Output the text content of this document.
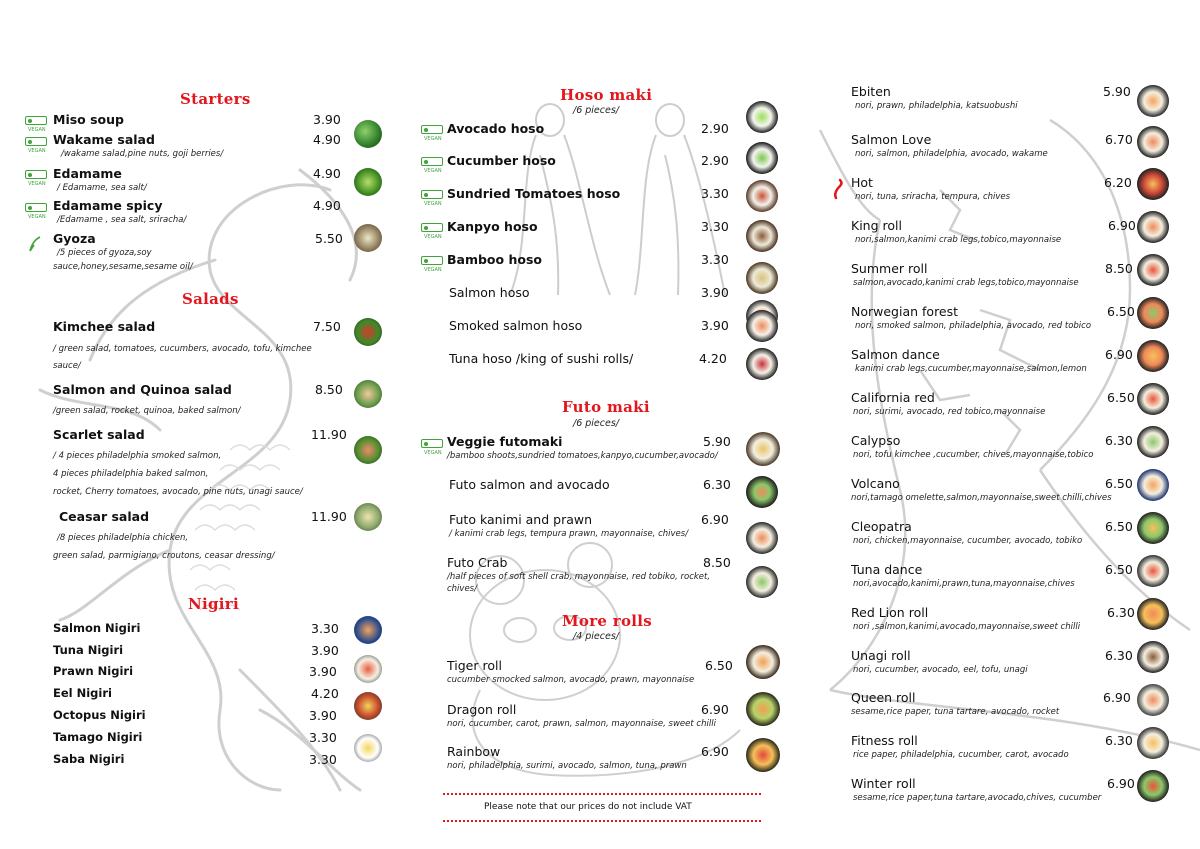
Starters
VEGAN
Miso soup	3.90
VEGAN
Wakame salad	4.90
/wakame salad,pine nuts, goji berries/
VEGAN
Edamame	4.90
/ Edamame, sea salt/
VEGAN
Edamame spicy	4.90
/Edamame , sea salt, sriracha/
Gyoza	5.50
/5 pieces of gyoza,soy
sauce,honey,sesame,sesame oil/
Salads
Kimchee salad	7.50
/ green salad, tomatoes, cucumbers, avocado, tofu, kimchee
sauce/
Salmon and Quinoa salad	8.50
/green salad, rocket, quinoa, baked salmon/
Scarlet salad	11.90
/ 4 pieces philadelphia smoked salmon,
4 pieces philadelphia baked salmon,
rocket, Cherry tomatoes, avocado, pine nuts, unagi sauce/
Ceasar salad	11.90
/8 pieces philadelphia chicken,
green salad, parmigiano, croutons, ceasar dressing/
Nigiri
Salmon Nigiri	3.30
Tuna Nigiri	3.90
Prawn Nigiri	3.90
Eel Nigiri	4.20
Octopus Nigiri	3.90
Tamago Nigiri	3.30
Saba Nigiri	3.30
Hoso maki
/6 pieces/
VEGAN
Avocado hoso	2.90
VEGAN
Cucumber hoso	2.90
VEGAN
Sundried Tomatoes hoso	3.30
VEGAN
Kanpyo hoso	3.30
VEGAN
Bamboo hoso	3.30
Salmon hoso	3.90
Smoked salmon hoso	3.90
Tuna hoso /king of sushi rolls/	4.20
Futo maki
/6 pieces/
VEGAN
Veggie futomaki	5.90
/bamboo shoots,sundried tomatoes,kanpyo,cucumber,avocado/
Futo salmon and avocado	6.30
Futo kanimi and prawn	6.90
/ kanimi crab legs, tempura prawn, mayonnaise, chives/
Futo Crab	8.50
/half pieces of soft shell crab, mayonnaise, red tobiko, rocket,
chives/
More rolls
/4 pieces/
Tiger roll	6.50
cucumber smocked salmon, avocado, prawn, mayonnaise
Dragon roll	6.90
nori, cucumber, carot, prawn, salmon, mayonnaise, sweet chilli
Rainbow	6.90
nori, philadelphia, surimi, avocado, salmon, tuna, prawn
Please note that our prices do not include VAT
Ebiten	5.90
nori, prawn, philadelphia, katsuobushi
Salmon Love	6.70
nori, salmon, philadelphia, avocado, wakame
Hot	6.20
nori, tuna, sriracha, tempura, chives
King roll	6.90
nori,salmon,kanimi crab legs,tobico,mayonnaise
Summer roll	8.50
salmon,avocado,kanimi crab legs,tobico,mayonnaise
Norwegian forest	6.50
nori, smoked salmon, philadelphia, avocado, red tobico
Salmon dance	6.90
kanimi crab legs,cucumber,mayonnaise,salmon,lemon
California red	6.50
nori, surimi, avocado, red tobico,mayonnaise
Calypso	6.30
nori, tofu kimchee ,cucumber, chives,mayonnaise,tobico
Volcano	6.50
nori,tamago omelette,salmon,mayonnaise,sweet chilli,chives
Cleopatra	6.50
nori, chicken,mayonnaise, cucumber, avocado, tobiko
Tuna dance	6.50
nori,avocado,kanimi,prawn,tuna,mayonnaise,chives
Red Lion roll	6.30
nori ,salmon,kanimi,avocado,mayonnaise,sweet chilli
Unagi roll	6.30
nori, cucumber, avocado, eel, tofu, unagi
Queen roll	6.90
sesame,rice paper, tuna tartare, avocado, rocket
Fitness roll	6.30
rice paper, philadelphia, cucumber, carot, avocado
Winter roll	6.90
sesame,rice paper,tuna tartare,avocado,chives, cucumber
